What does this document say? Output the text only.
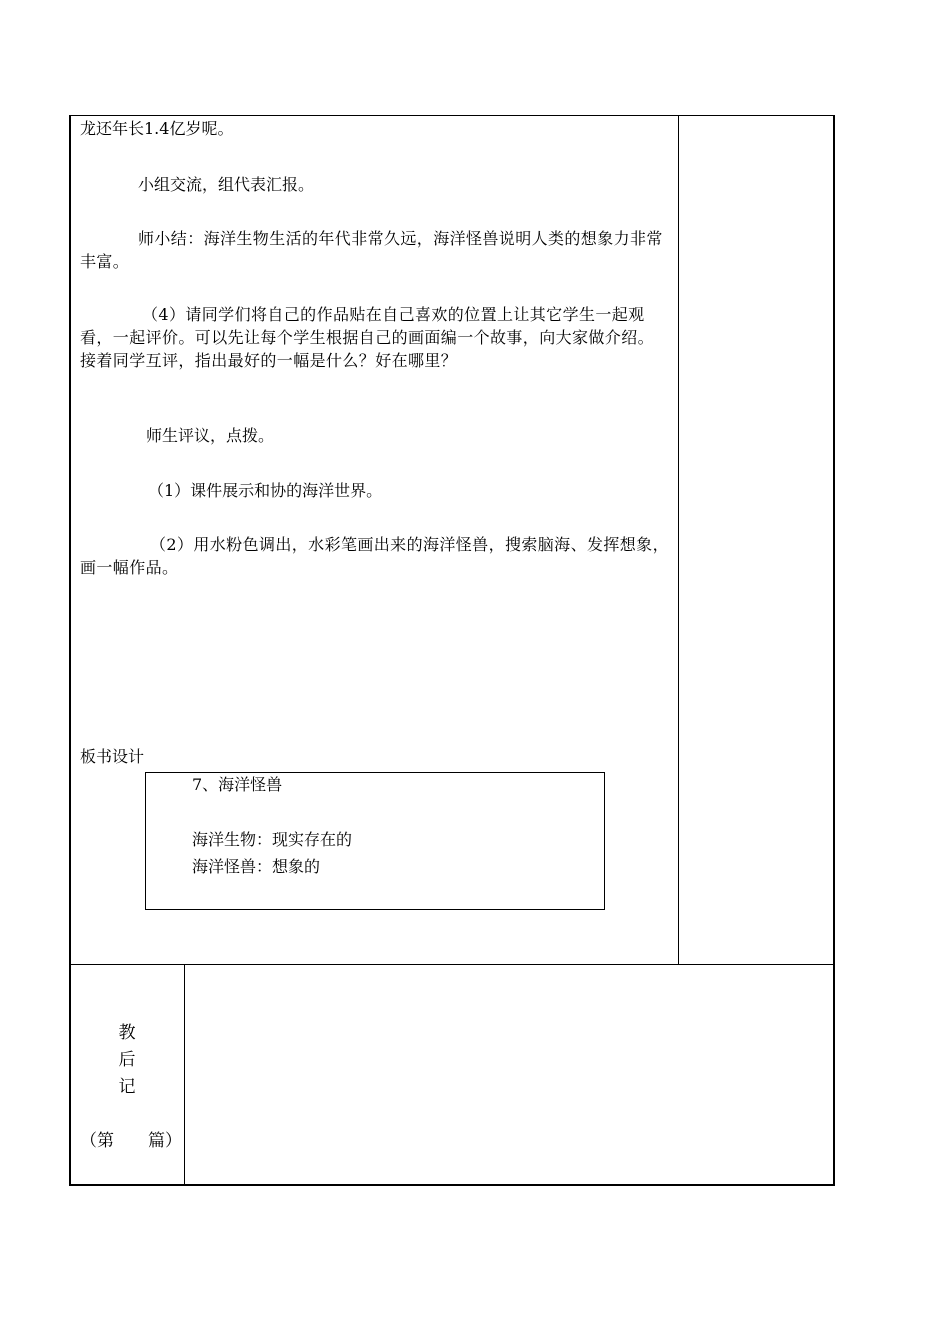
龙还年长1.4亿岁呢。
小组交流，组代表汇报。
师小结：海洋生物生活的年代非常久远，海洋怪兽说明人类的想象力非常丰富。
（4）请同学们将自己的作品贴在自己喜欢的位置上让其它学生一起观看，一起评价。可以先让每个学生根据自己的画面编一个故事，向大家做介绍。接着同学互评，指出最好的一幅是什么？好在哪里？
师生评议，点拨。
（1）课件展示和协的海洋世界。
（2）用水粉色调出，水彩笔画出来的海洋怪兽，搜索脑海、发挥想象，画一幅作品。
板书设计
7、海洋怪兽
海洋生物：现实存在的
海洋怪兽：想象的
教
后
记
（第　　篇）
